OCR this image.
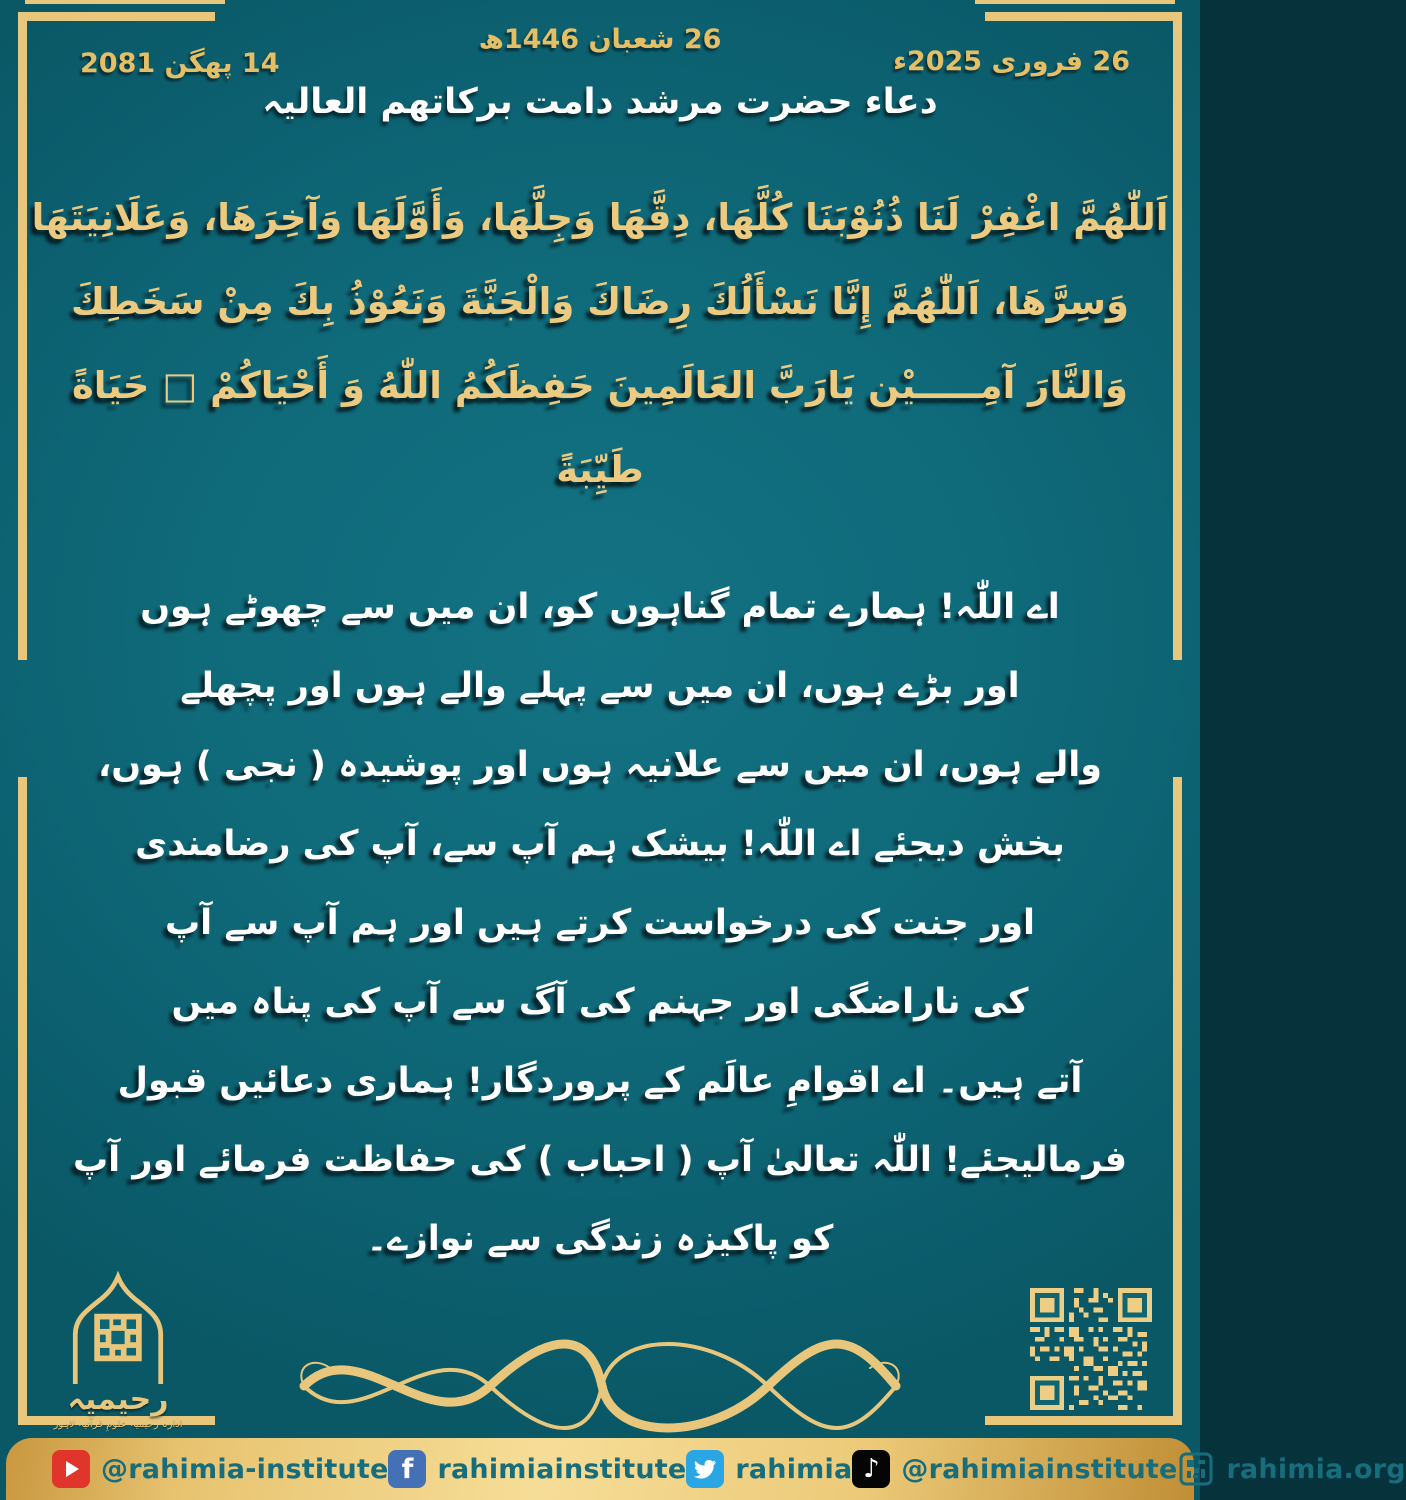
26 شعبان 1446ھ
14 پھگن 2081	26 فروری 2025ء
دعاء حضرت مرشد دامت برکاتهم العالیہ
اَللّٰهُمَّ اغْفِرْ لَنَا ذُنُوْبَنَا كُلَّهَا، دِقَّهَا وَجِلَّهَا، وَأَوَّلَهَا وَآخِرَهَا، وَعَلَانِيَتَهَا
وَسِرَّهَا، اَللّٰهُمَّ إِنَّا نَسْأَلُكَ رِضَاكَ وَالْجَنَّةَ وَنَعُوْذُ بِكَ مِنْ سَخَطِكَ
وَالنَّارَ آمِـــــيْن يَارَبَّ العَالَمِينَ حَفِظَكُمُ اللّٰهُ وَ أَحْيَاكُمْ □ حَيَاةً
طَيِّبَةً
اے اللّٰہ! ہمارے تمام گناہوں کو، ان میں سے چھوٹے ہوں
اور بڑے ہوں، ان میں سے پہلے والے ہوں اور پچھلے
والے ہوں، ان میں سے علانیہ ہوں اور پوشیدہ ( نجی ) ہوں،
بخش دیجئے اے اللّٰہ! بیشک ہم آپ سے، آپ کی رضامندی
اور جنت کی درخواست کرتے ہیں اور ہم آپ سے آپ
کی ناراضگی اور جہنم کی آگ سے آپ کی پناہ میں
آتے ہیں۔ اے اقوامِ عالَم کے پروردگار! ہماری دعائیں قبول
فرمالیجئے! اللّٰہ تعالیٰ آپ ( احباب ) کی حفاظت فرمائے اور آپ
کو پاکیزہ زندگی سے نوازے۔
رحیمیہ
ادارہ رحیمیہ علومِ قرآنیہ لاہور
@rahimia-institute f rahimiainstitute rahimia ♪ @rahimiainstitute rahimia.org
